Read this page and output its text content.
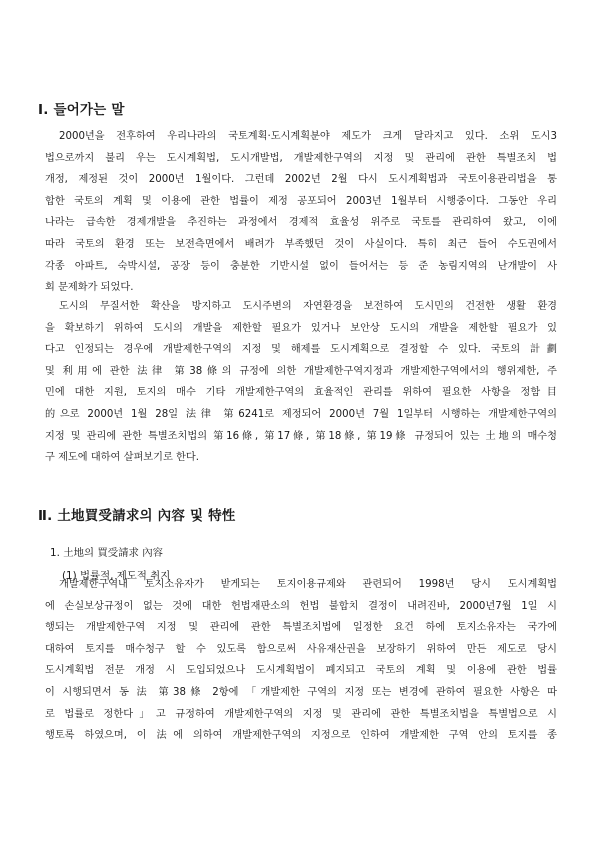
Ⅰ. 들어가는 말
2000년을 전후하여 우리나라의 국토계획·도시계획분야 제도가 크게 달라지고 있다. 소위 도시3
법으로까지 불리 우는 도시계획법, 도시개발법, 개발제한구역의 지정 및 관리에 관한 특별조치 법
개정, 제정된 것이 2000년 1월이다. 그런데 2002년 2월 다시 도시계획법과 국토이용관리법을 통
합한 국토의 계획 및 이용에 관한 법률이 제정 공포되어 2003년 1월부터 시행중이다. 그동안 우리
나라는 급속한 경제개발을 추진하는 과정에서 경제적 효율성 위주로 국토를 관리하여 왔고, 이에
따라 국토의 환경 또는 보전측면에서 배려가 부족했던 것이 사실이다. 특히 최근 들어 수도권에서
각종 아파트, 숙박시설, 공장 등이 충분한 기반시설 없이 들어서는 등 준 농림지역의 난개발이 사
회 문제화가 되었다.
도시의 무질서한 확산을 방지하고 도시주변의 자연환경을 보전하여 도시민의 건전한 생활 환경
을 확보하기 위하여 도시의 개발을 제한할 필요가 있거나 보안상 도시의 개발을 제한할 필요가 있
다고 인정되는 경우에 개발제한구역의 지정 및 해제를 도시계획으로 결정할 수 있다. 국토의 計劃
및 利用에 관한 法律 第38條의 규정에 의한 개발제한구역지정과 개발제한구역에서의 행위제한, 주
민에 대한 지원, 토지의 매수 기타 개발제한구역의 효율적인 관리를 위하여 필요한 사항을 정함目
的으로 2000년 1월 28일 法律 第6241로 제정되어 2000년 7월 1일부터 시행하는 개발제한구역의
지정 및 관리에 관한 특별조치법의 第16條, 第17條, 第18條, 第19條 규정되어 있는 土地의 매수청
구 제도에 대하여 살펴보기로 한다.
Ⅱ. 土地買受請求의 內容 및 特性
1. 土地의 買受請求 內容
(1) 법률적, 제도적 취지
개발제한구역내 토지소유자가 받게되는 토지이용규제와 관련되어 1998년 당시 도시계획법
에 손실보상규정이 없는 것에 대한 헌법재판소의 헌법 불합치 결정이 내려진바, 2000년7월 1일 시
행되는 개발제한구역 지정 및 관리에 관한 특별조치법에 일정한 요건 하에 토지소유자는 국가에
대하여 토지를 매수청구 할 수 있도록 함으로써 사유재산권을 보장하기 위하여 만든 제도로 당시
도시계획법 전문 개정 시 도입되었으나 도시계획법이 폐지되고 국토의 계획 및 이용에 관한 법률
이 시행되면서 동 法 第38條 2항에 「개발제한 구역의 지정 또는 변경에 관하여 필요한 사항은 따
로 법률로 정한다」고 규정하여 개발제한구역의 지정 및 관리에 관한 특별조치법을 특별법으로 시
행토록 하였으며, 이 法에 의하여 개발제한구역의 지정으로 인하여 개발제한 구역 안의 토지를 종
